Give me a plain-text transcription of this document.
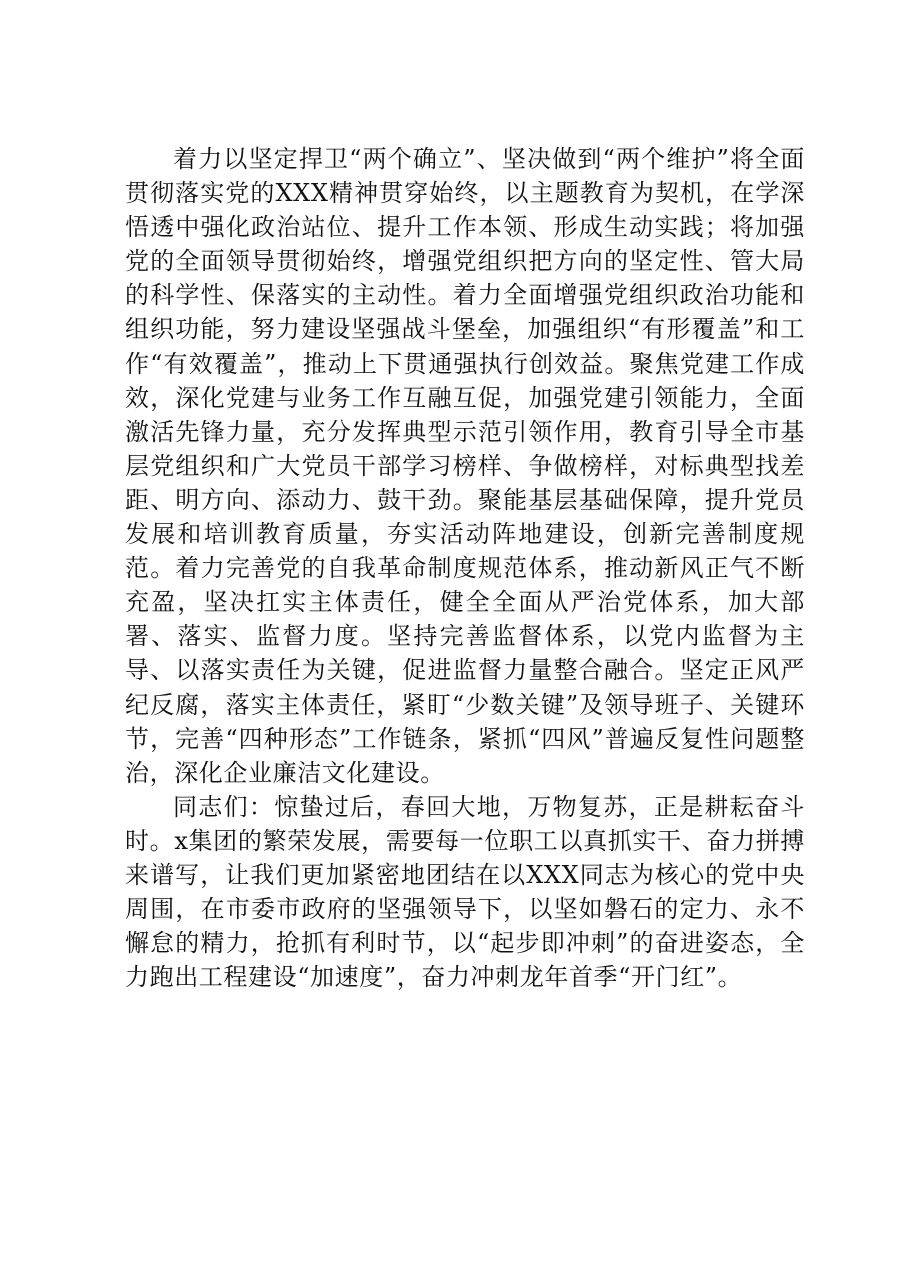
着力以坚定捍卫“两个确立”、坚决做到“两个维护”将全面贯彻落实党的XXX精神贯穿始终，以主题教育为契机，在学深悟透中强化政治站位、提升工作本领、形成生动实践；将加强党的全面领导贯彻始终，增强党组织把方向的坚定性、管大局的科学性、保落实的主动性。着力全面增强党组织政治功能和组织功能，努力建设坚强战斗堡垒，加强组织“有形覆盖”和工作“有效覆盖”，推动上下贯通强执行创效益。聚焦党建工作成效，深化党建与业务工作互融互促，加强党建引领能力，全面激活先锋力量，充分发挥典型示范引领作用，教育引导全市基层党组织和广大党员干部学习榜样、争做榜样，对标典型找差距、明方向、添动力、鼓干劲。聚能基层基础保障，提升党员发展和培训教育质量，夯实活动阵地建设，创新完善制度规范。着力完善党的自我革命制度规范体系，推动新风正气不断充盈，坚决扛实主体责任，健全全面从严治党体系，加大部署、落实、监督力度。坚持完善监督体系，以党内监督为主导、以落实责任为关键，促进监督力量整合融合。坚定正风严纪反腐，落实主体责任，紧盯“少数关键”及领导班子、关键环节，完善“四种形态”工作链条，紧抓“四风”普遍反复性问题整治，深化企业廉洁文化建设。

同志们：惊蛰过后，春回大地，万物复苏，正是耕耘奋斗时。x集团的繁荣发展，需要每一位职工以真抓实干、奋力拼搏来谱写，让我们更加紧密地团结在以XXX同志为核心的党中央周围，在市委市政府的坚强领导下，以坚如磐石的定力、永不懈怠的精力，抢抓有利时节，以“起步即冲刺”的奋进姿态，全力跑出工程建设“加速度”，奋力冲刺龙年首季“开门红”。
